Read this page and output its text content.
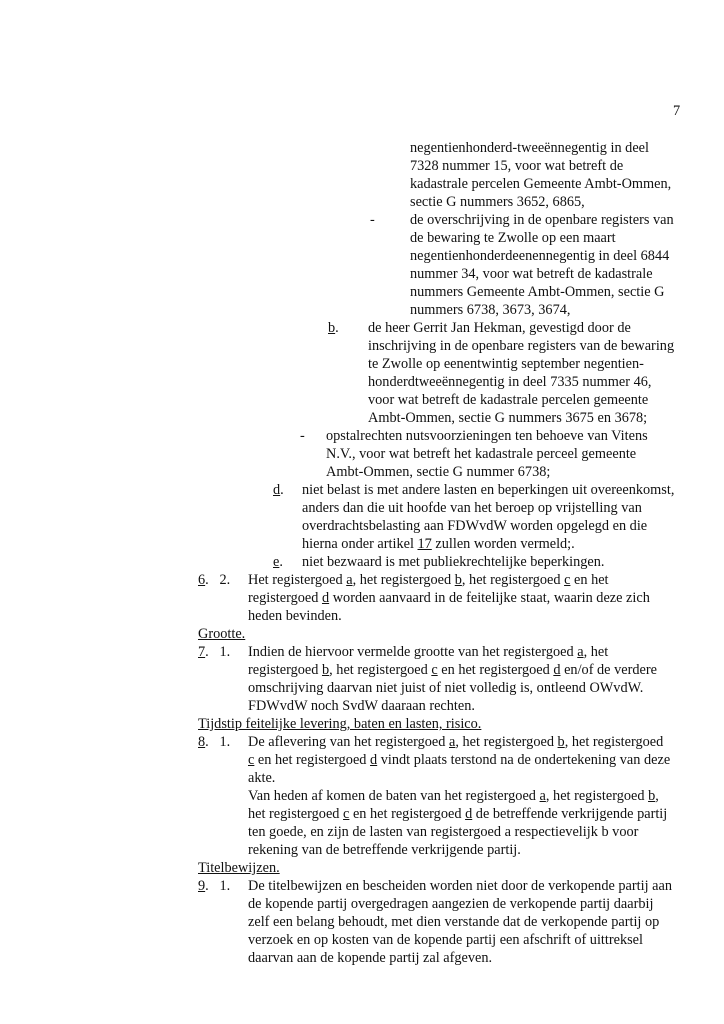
7
negentienhonderd-tweeënnegentig in deel
7328 nummer 15, voor wat betreft de
kadastrale percelen Gemeente Ambt-Ommen,
sectie G nummers 3652, 6865,
- de overschrijving in de openbare registers van
de bewaring te Zwolle op een maart
negentienhonderdeenennegentig in deel 6844
nummer 34, voor wat betreft de kadastrale
nummers Gemeente Ambt-Ommen, sectie G
nummers 6738, 3673, 3674,
b. de heer Gerrit Jan Hekman, gevestigd door de
inschrijving in de openbare registers van de bewaring
te Zwolle op eenentwintig september negentien-
honderdtweeënnegentig in deel 7335 nummer 46,
voor wat betreft de kadastrale percelen gemeente
Ambt-Ommen, sectie G nummers 3675 en 3678;
- opstalrechten nutsvoorzieningen ten behoeve van Vitens
N.V., voor wat betreft het kadastrale perceel gemeente
Ambt-Ommen, sectie G nummer 6738;
d. niet belast is met andere lasten en beperkingen uit overeenkomst,
anders dan die uit hoofde van het beroep op vrijstelling van
overdrachtsbelasting aan FDWvdW worden opgelegd en die
hierna onder artikel 17 zullen worden vermeld;.
e. niet bezwaard is met publiekrechtelijke beperkingen.
6.   2. Het registergoed a, het registergoed b, het registergoed c en het
registergoed d worden aanvaard in de feitelijke staat, waarin deze zich
heden bevinden.
Grootte.
7.   1. Indien de hiervoor vermelde grootte van het registergoed a, het
registergoed b, het registergoed c en het registergoed d en/of de verdere
omschrijving daarvan niet juist of niet volledig is, ontleend OWvdW.
FDWvdW noch SvdW daaraan rechten.
Tijdstip feitelijke levering, baten en lasten, risico.
8.   1. De aflevering van het registergoed a, het registergoed b, het registergoed
c en het registergoed d vindt plaats terstond na de ondertekening van deze
akte.
Van heden af komen de baten van het registergoed a, het registergoed b,
het registergoed c en het registergoed d de betreffende verkrijgende partij
ten goede, en zijn de lasten van registergoed a respectievelijk b voor
rekening van de betreffende verkrijgende partij.
Titelbewijzen.
9.   1. De titelbewijzen en bescheiden worden niet door de verkopende partij aan
de kopende partij overgedragen aangezien de verkopende partij daarbij
zelf een belang behoudt, met dien verstande dat de verkopende partij op
verzoek en op kosten van de kopende partij een afschrift of uittreksel
daarvan aan de kopende partij zal afgeven.
